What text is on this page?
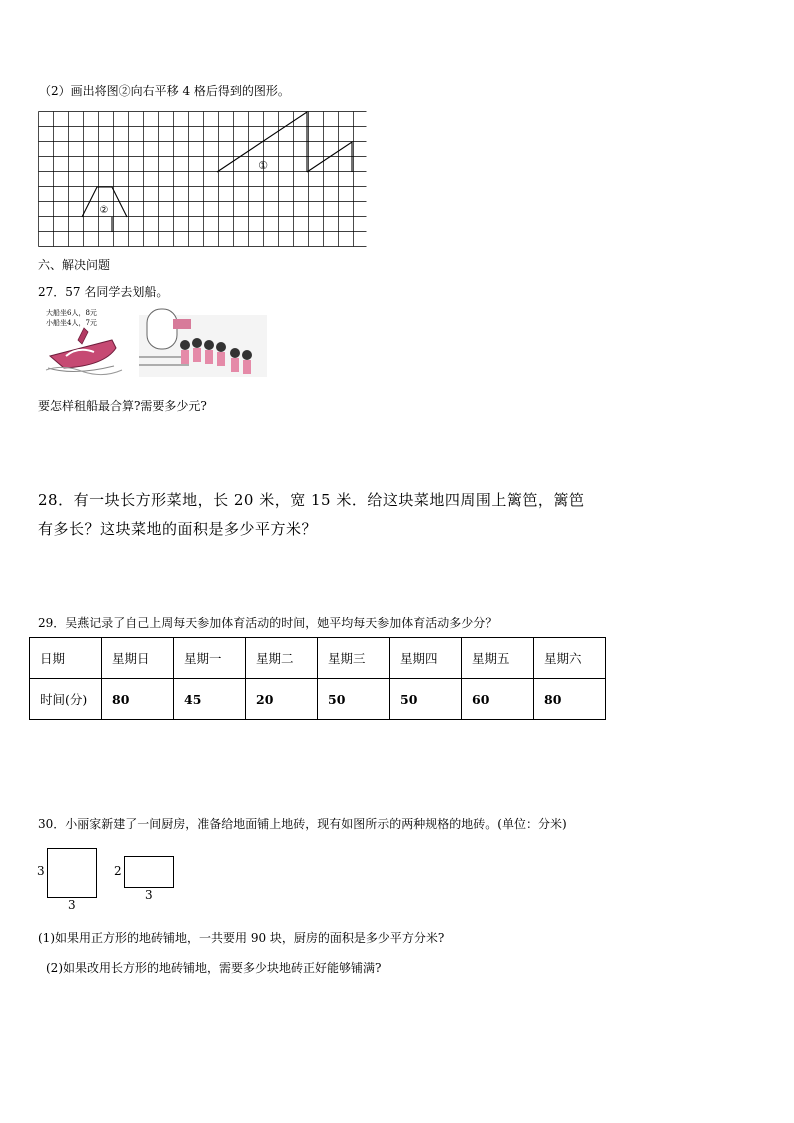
（2）画出将图②向右平移 4 格后得到的图形。
①
②
六、解决问题
27．57 名同学去划船。
大船坐6人，8元
小船坐4人，7元
要怎样租船最合算?需要多少元?
28．有一块长方形菜地，长 20 米，宽 15 米．给这块菜地四周围上篱笆，篱笆
有多长？这块菜地的面积是多少平方米？
29．吴燕记录了自己上周每天参加体育活动的时间，她平均每天参加体育活动多少分？
日期	星期日	星期一	星期二	星期三	星期四	星期五	星期六
时间(分)	80	45	20	50	50	60	80
30．小丽家新建了一间厨房，准备给地面铺上地砖，现有如图所示的两种规格的地砖。(单位：分米)
3
3
2
3
(1)如果用正方形的地砖铺地，一共要用 90 块，厨房的面积是多少平方分米?
(2)如果改用长方形的地砖铺地，需要多少块地砖正好能够铺满?
